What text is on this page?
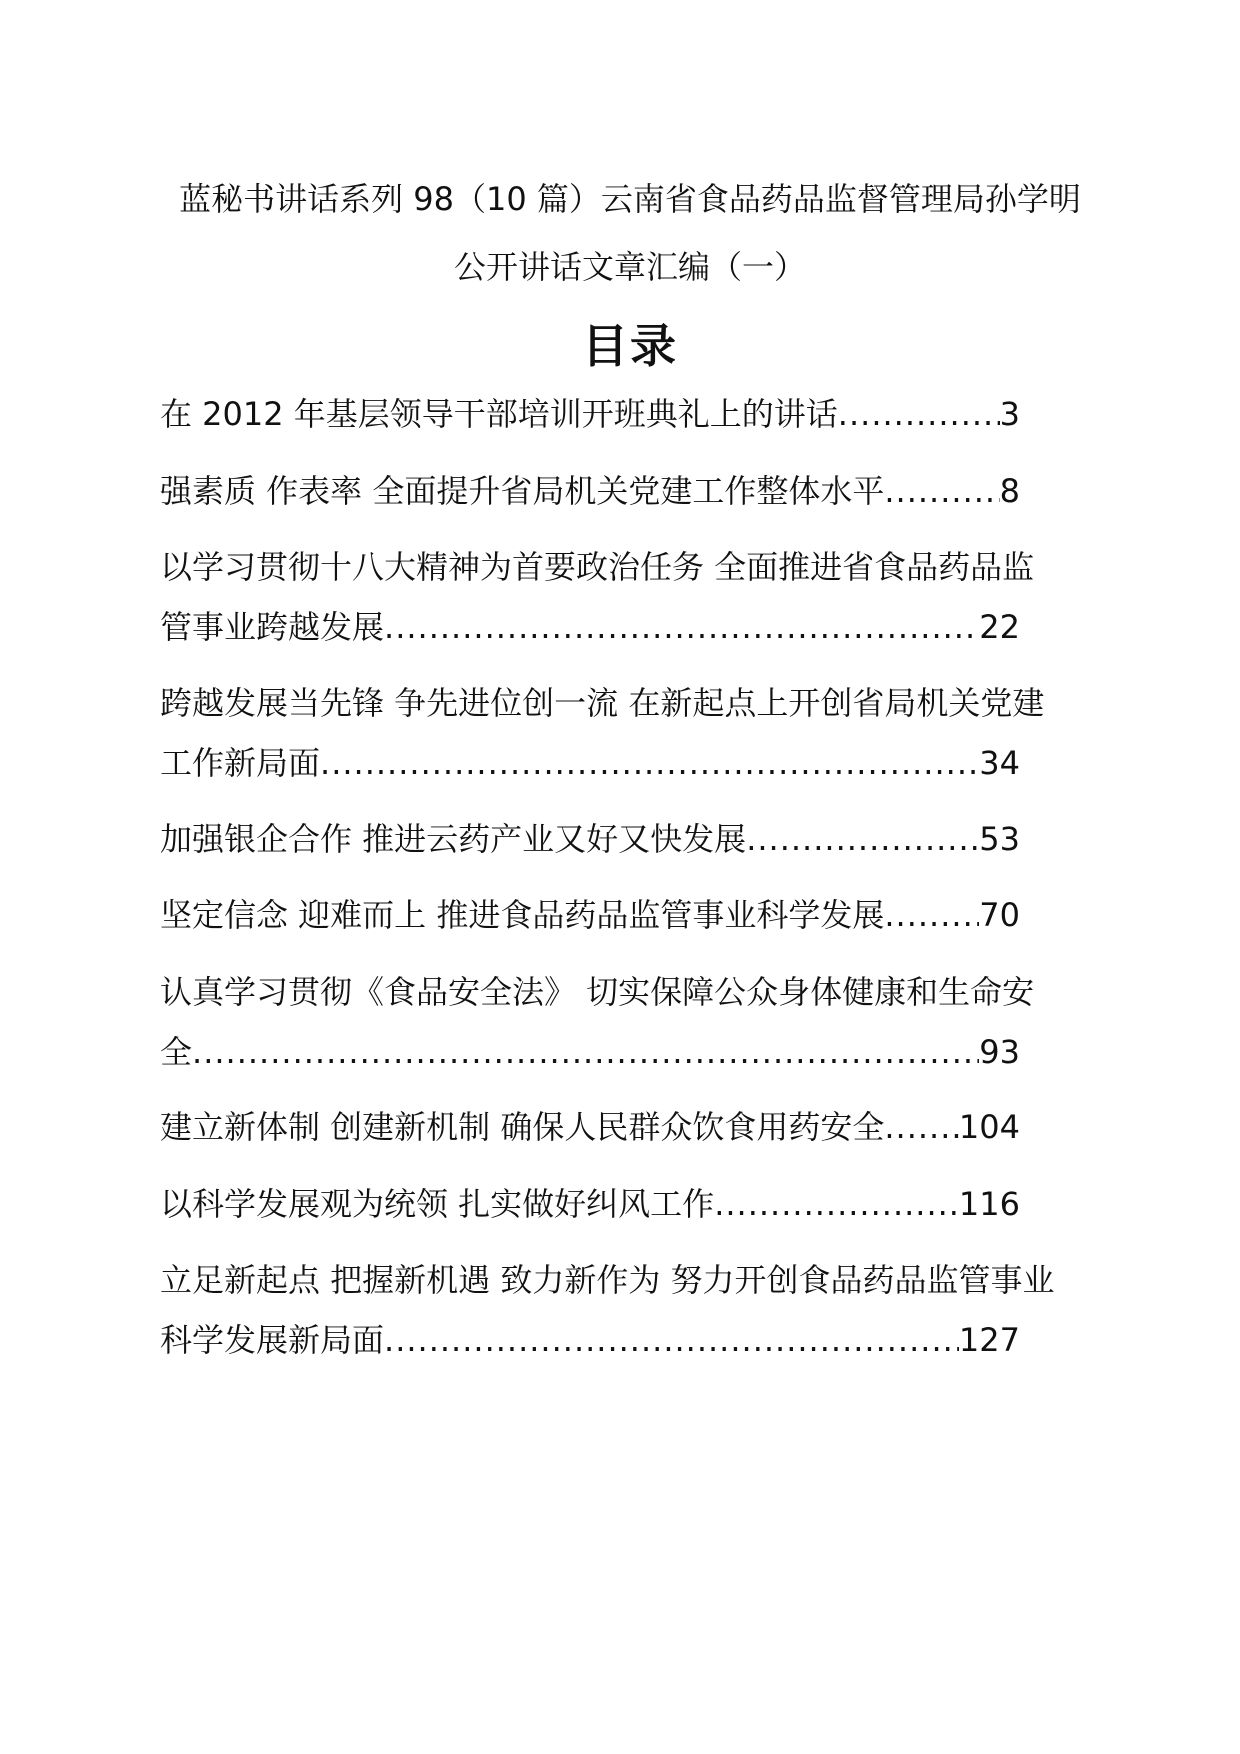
蓝秘书讲话系列 98（10 篇）云南省食品药品监督管理局孙学明
公开讲话文章汇编（一）
目录
在 2012 年基层领导干部培训开班典礼上的讲话 .....	3
强素质 作表率 全面提升省局机关党建工作整体水平 .....	8
以学习贯彻十八大精神为首要政治任务 全面推进省食品药品监
管事业跨越发展 .....	22
跨越发展当先锋 争先进位创一流 在新起点上开创省局机关党建
工作新局面 .....	34
加强银企合作 推进云药产业又好又快发展 .....	53
坚定信念 迎难而上 推进食品药品监管事业科学发展 .....	70
认真学习贯彻《食品安全法》 切实保障公众身体健康和生命安
全 .....	93
建立新体制 创建新机制 确保人民群众饮食用药安全 ..... 104
以科学发展观为统领 扎实做好纠风工作 .....	116
立足新起点 把握新机遇 致力新作为 努力开创食品药品监管事业
科学发展新局面 .....	127
